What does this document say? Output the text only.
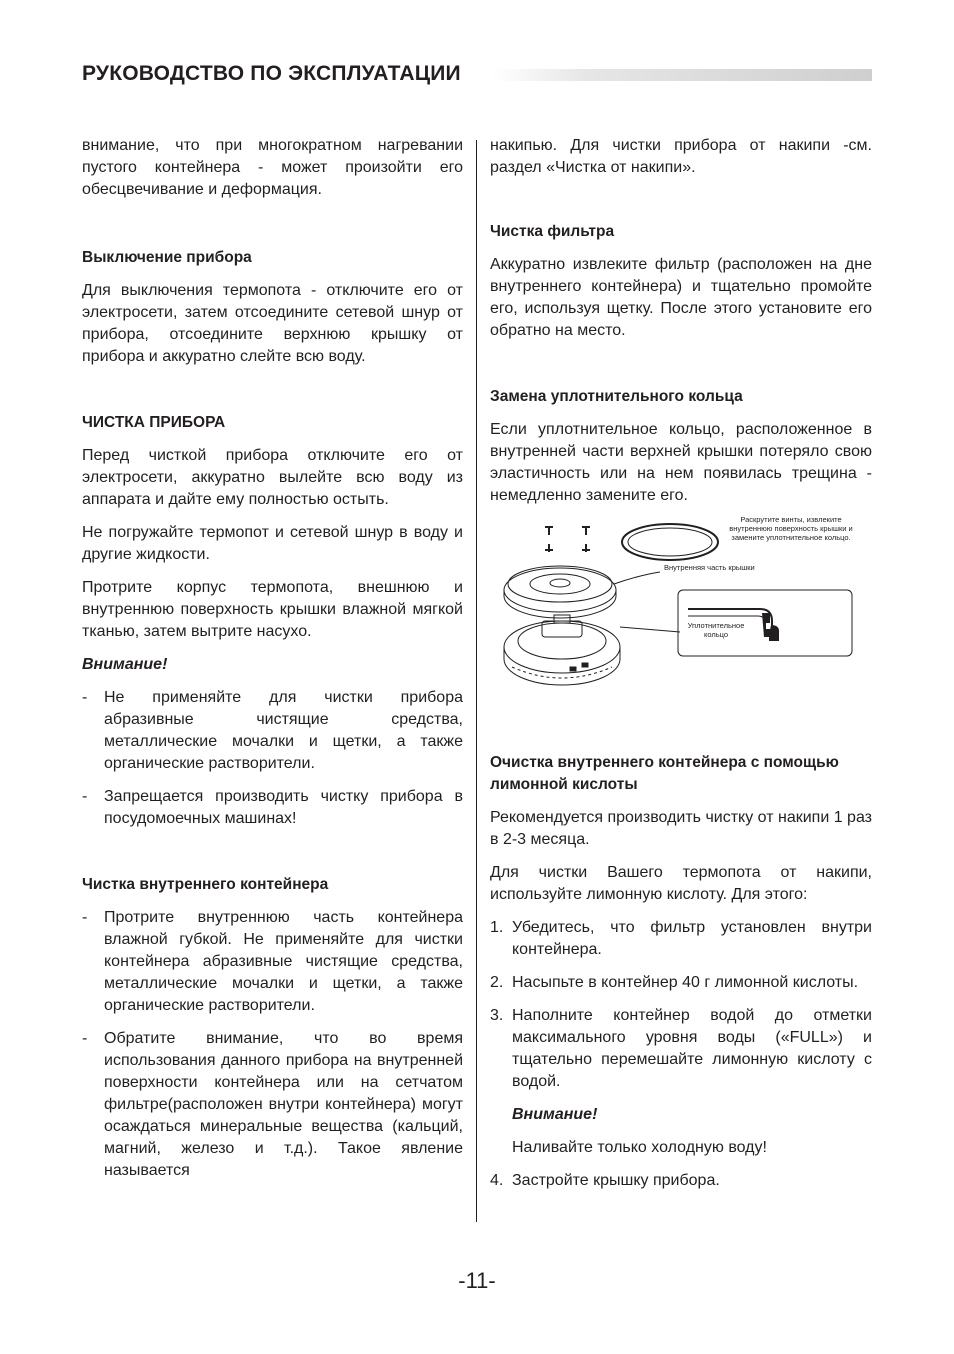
РУКОВОДСТВО ПО ЭКСПЛУАТАЦИИ

внимание, что при многократном нагревании пустого контейнера - может произойти его обесцвечивание и деформация.

Выключение прибора

Для выключения термопота - отключите его от электросети, затем отсоедините сетевой шнур от прибора, отсоедините верхнюю крышку от прибора и аккуратно слейте всю воду.

ЧИСТКА ПРИБОРА

Перед чисткой прибора отключите его от электросети, аккуратно вылейте всю воду из аппарата и дайте ему полностью остыть.

Не погружайте термопот и сетевой шнур в воду и другие жидкости.

Протрите корпус термопота, внешнюю и внутреннюю поверхность крышки влажной мягкой тканью, затем вытрите насухо.

Внимание!
-	Не применяйте для чистки прибора абразивные чистящие средства, металлические мочалки и щетки, а также органические растворители.
-	Запрещается производить чистку прибора в посудомоечных машинах!
Чистка внутреннего контейнера
-	Протрите внутреннюю часть контейнера влажной губкой. Не применяйте для чистки контейнера абразивные чистящие средства, металлические мочалки и щетки, а также органические растворители.
-	Обратите внимание, что во время использования данного прибора на внутренней поверхности контейнера или на сетчатом фильтре(расположен внутри контейнера) могут осаждаться минеральные вещества (кальций, магний, железо и т.д.). Такое явление называется

накипью. Для чистки прибора от накипи -см. раздел «Чистка от накипи».

Чистка фильтра

Аккуратно извлеките фильтр (расположен на дне внутреннего контейнера) и тщательно промойте его, используя щетку. После этого установите его обратно на место.

Замена уплотнительного кольца

Если уплотнительное кольцо, расположенное в внутренней части верхней крышки потеряло свою эластичность или на нем появилась трещина - немедленно замените его.

Раскрутите винты, извлеките внутреннюю поверхность крышки и замените уплотнительное кольцо.
Внутренняя часть крышки
Уплотнительное кольцо
Очистка внутреннего контейнера с помощью лимонной кислоты

Рекомендуется производить чистку от накипи 1 раз в 2-3 месяца.

Для чистки Вашего термопота от накипи, используйте лимонную кислоту. Для этого:

1. Убедитесь, что фильтр установлен внутри контейнера.
2. Насыпьте в контейнер 40 г лимонной кислоты.
3. Наполните контейнер водой до отметки максимального уровня воды («FULL») и тщательно перемешайте лимонную кислоту с водой.
Внимание!

Наливайте только холодную воду!

4. Застройте крышку прибора.
-11-
